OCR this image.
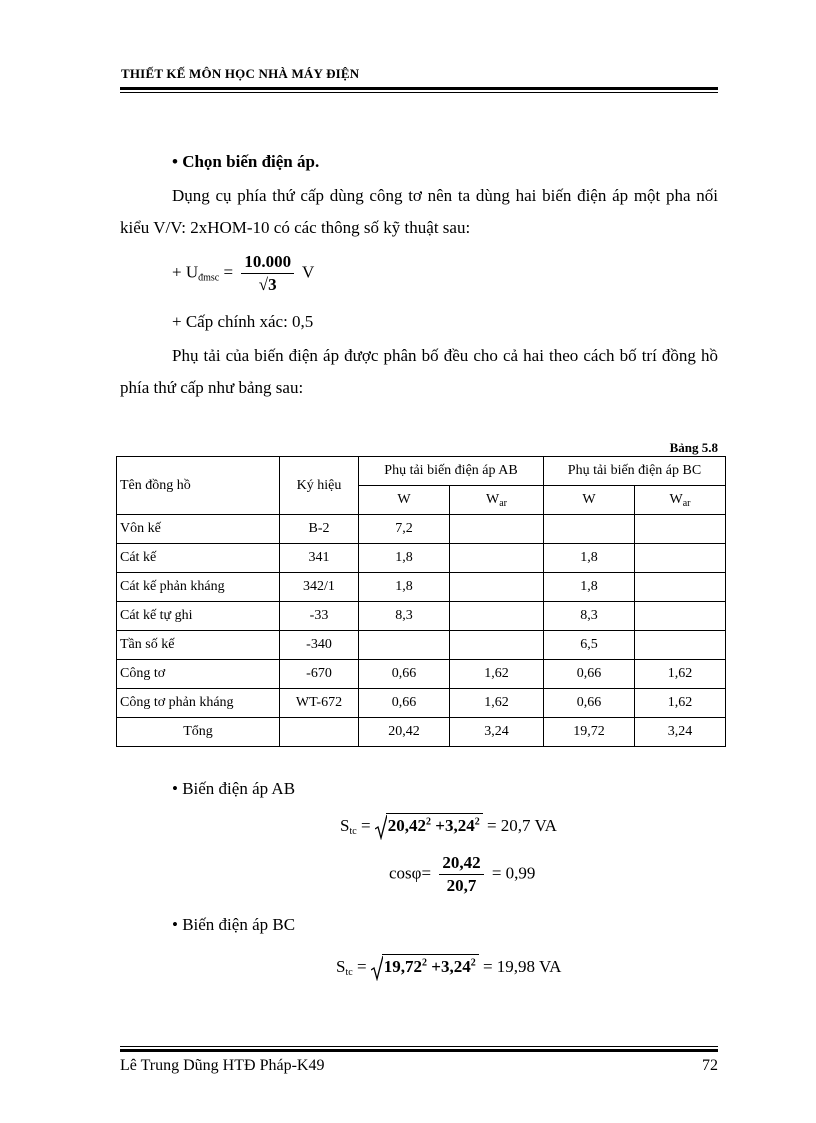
THIẾT KẾ MÔN HỌC NHÀ MÁY ĐIỆN
• Chọn biến điện áp.
Dụng cụ phía thứ cấp dùng công tơ nên ta dùng hai biến điện áp một pha nối kiểu V/V: 2xHOM-10 có các thông số kỹ thuật sau:
+ $U_{đmsc} = \frac{10.000}{√3}$ V
+ Cấp chính xác: 0,5
Phụ tải của biến điện áp được phân bố đều cho cả hai theo cách bố trí đồng hồ phía thứ cấp như bảng sau:
Bảng 5.8
Tên đồng hồ	Ký hiệu	Phụ tải biến điện áp AB		Phụ tải biến điện áp BC	
		W	$W_{ar}$	W	$W_{ar}$
Vôn kế	B-2	7,2			
Cát kế	341	1,8		1,8	
Cát kế phản kháng	342/1	1,8		1,8	
Cát kế tự ghi	-33	8,3		8,3	
Tần số kế	-340			6,5	
Công tơ	-670	0,66	1,62	0,66	1,62
Công tơ phản kháng	WT-672	0,66	1,62	0,66	1,62
Tổng		20,42	3,24	19,72	3,24
• Biến điện áp AB
$S_{tc} = 20,42^2 +3,24^2 = 20,7$ VA
$\cos\varphi= \frac{20,42}{20,7} = 0,99$
• Biến điện áp BC
$S_{tc} = 19,72^2 +3,24^2 = 19,98$ VA
Lê Trung Dũng HTĐ Pháp-K49	72
